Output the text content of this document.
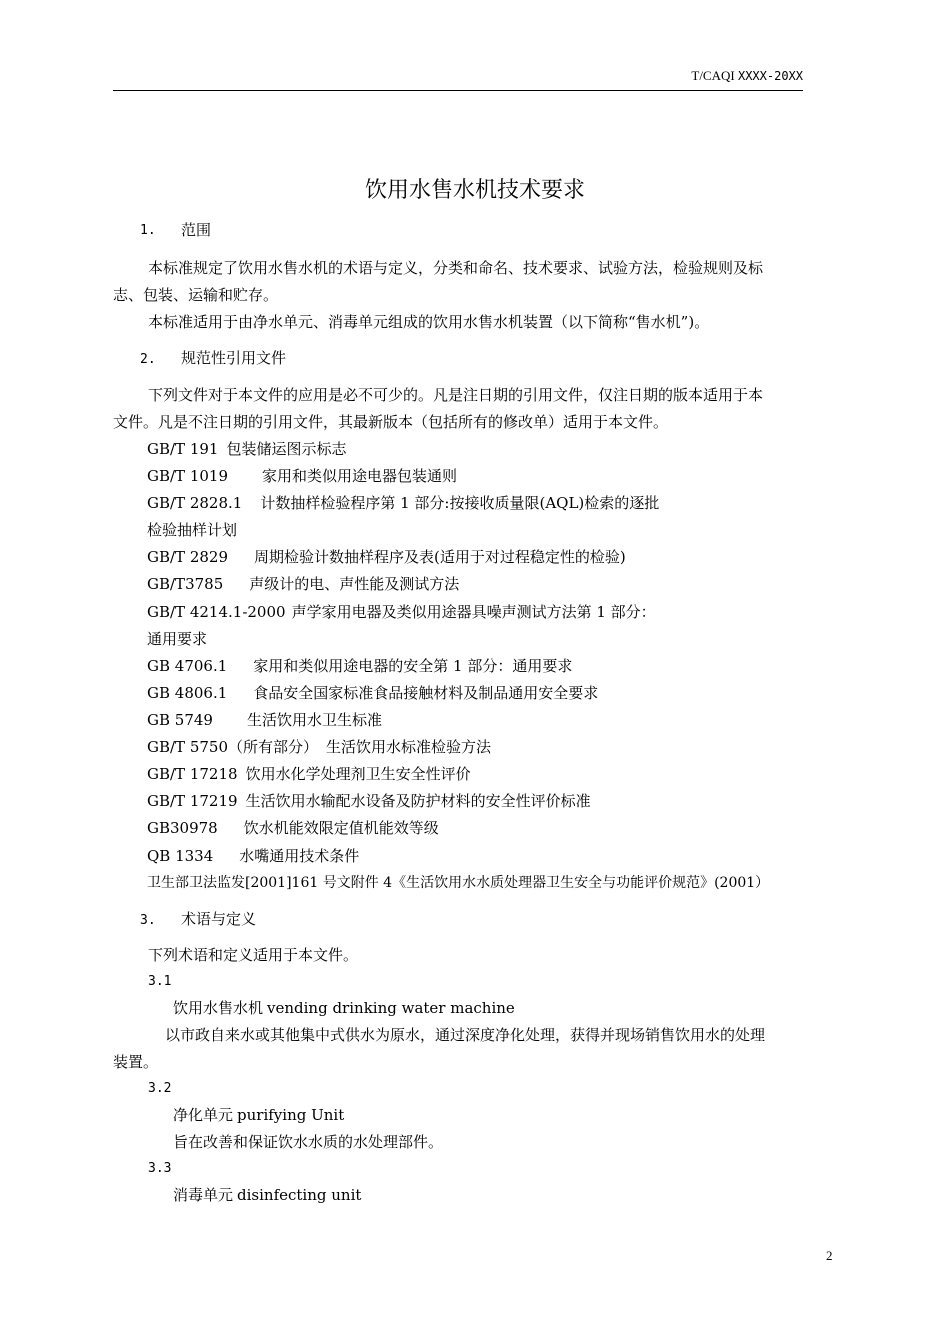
T/CAQI XXXX-20XX
饮用水售水机技术要求
1. 范围
本标准规定了饮用水售水机的术语与定义，分类和命名、技术要求、试验方法，检验规则及标
志、包装、运输和贮存。
本标准适用于由净水单元、消毒单元组成的饮用水售水机装置（以下简称“售水机”)。
2. 规范性引用文件
下列文件对于本文件的应用是必不可少的。凡是注日期的引用文件，仅注日期的版本适用于本
文件。凡是不注日期的引用文件，其最新版本（包括所有的修改单）适用于本文件。
GB/T 191 包装储运图示标志
GB/T 1019 家用和类似用途电器包装通则
GB/T 2828.1 计数抽样检验程序第 1 部分:按接收质量限(AQL)检索的逐批
检验抽样计划
GB/T 2829 周期检验计数抽样程序及表(适用于对过程稳定性的检验)
GB/T3785 声级计的电、声性能及测试方法
GB/T 4214.1-2000 声学家用电器及类似用途器具噪声测试方法第 1 部分：
通用要求
GB 4706.1 家用和类似用途电器的安全第 1 部分：通用要求
GB 4806.1 食品安全国家标准食品接触材料及制品通用安全要求
GB 5749 生活饮用水卫生标准
GB/T 5750（所有部分） 生活饮用水标准检验方法
GB/T 17218 饮用水化学处理剂卫生安全性评价
GB/T 17219 生活饮用水输配水设备及防护材料的安全性评价标准
GB30978 饮水机能效限定值机能效等级
QB 1334 水嘴通用技术条件
卫生部卫法监发[2001]161 号文附件 4《生活饮用水水质处理器卫生安全与功能评价规范》(2001）
3. 术语与定义
下列术语和定义适用于本文件。
3.1
饮用水售水机 vending drinking water machine
以市政自来水或其他集中式供水为原水，通过深度净化处理，获得并现场销售饮用水的处理
装置。
3.2
净化单元 purifying Unit
旨在改善和保证饮水水质的水处理部件。
3.3
消毒单元 disinfecting unit
2
